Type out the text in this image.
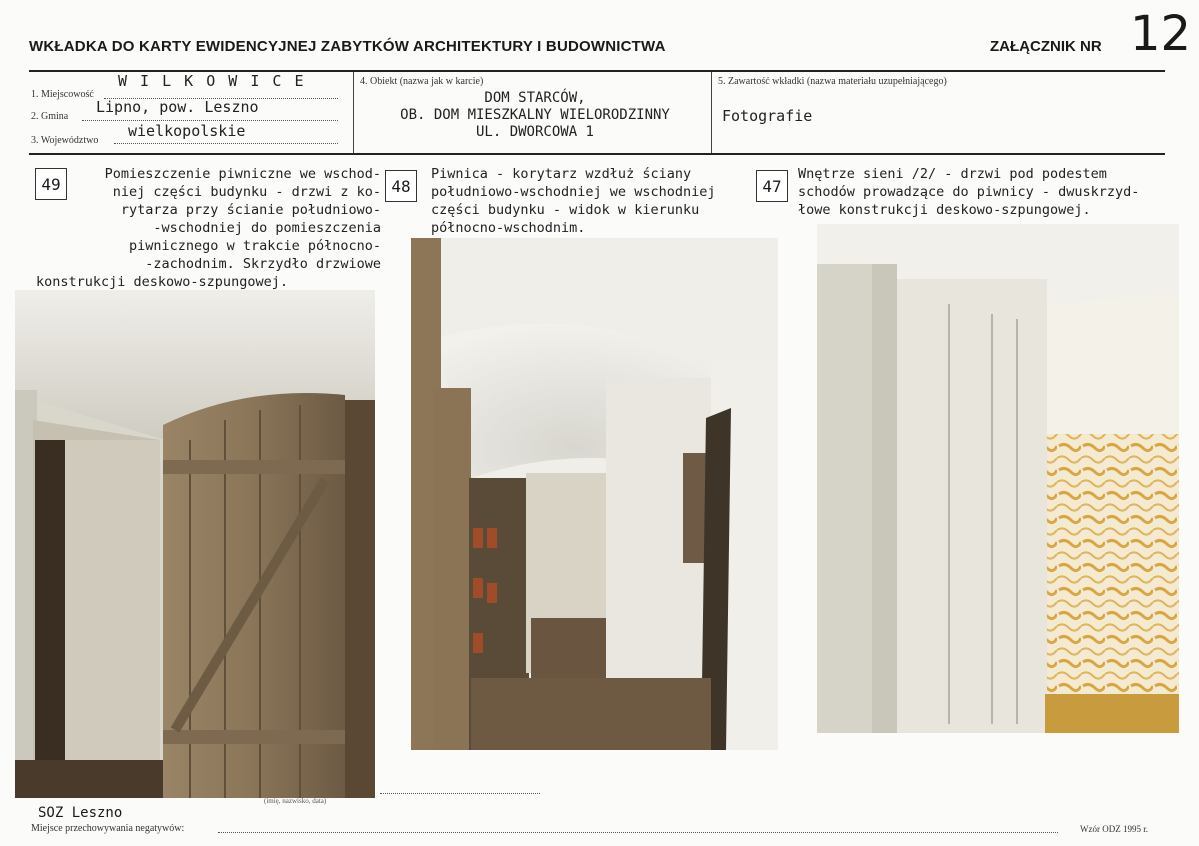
WKŁADKA DO KARTY EWIDENCYJNEJ ZABYTKÓW ARCHITEKTURY I BUDOWNICTWA	ZAŁĄCZNIK NR 12
1. Miejscowość
W I L K O W I C E
2. Gmina
Lipno, pow. Leszno
3. Województwo
wielkopolskie
4. Obiekt (nazwa jak w karcie)
DOM STARCÓW,
OB. DOM MIESZKALNY WIELORODZINNY
UL. DWORCOWA 1
5. Zawartość wkładki (nazwa materiału uzupełniającego)
Fotografie
49
Pomieszczenie piwniczne we wschod-
niej części budynku - drzwi z ko-
rytarza przy ścianie południowo-
-wschodniej do pomieszczenia
piwnicznego w trakcie północno-
-zachodnim. Skrzydło drzwiowe
konstrukcji deskowo-szpungowej.
48
Piwnica - korytarz wzdłuż ściany
południowo-wschodniej we wschodniej
części budynku - widok w kierunku
północno-wschodnim.
47
Wnętrze sieni /2/ - drzwi pod podestem
schodów prowadzące do piwnicy - dwuskrzyd-
łowe konstrukcji deskowo-szpungowej.
(imię, nazwisko, data)
SOZ Leszno
Miejsce przechowywania negatywów:	Wzór ODZ 1995 r.
